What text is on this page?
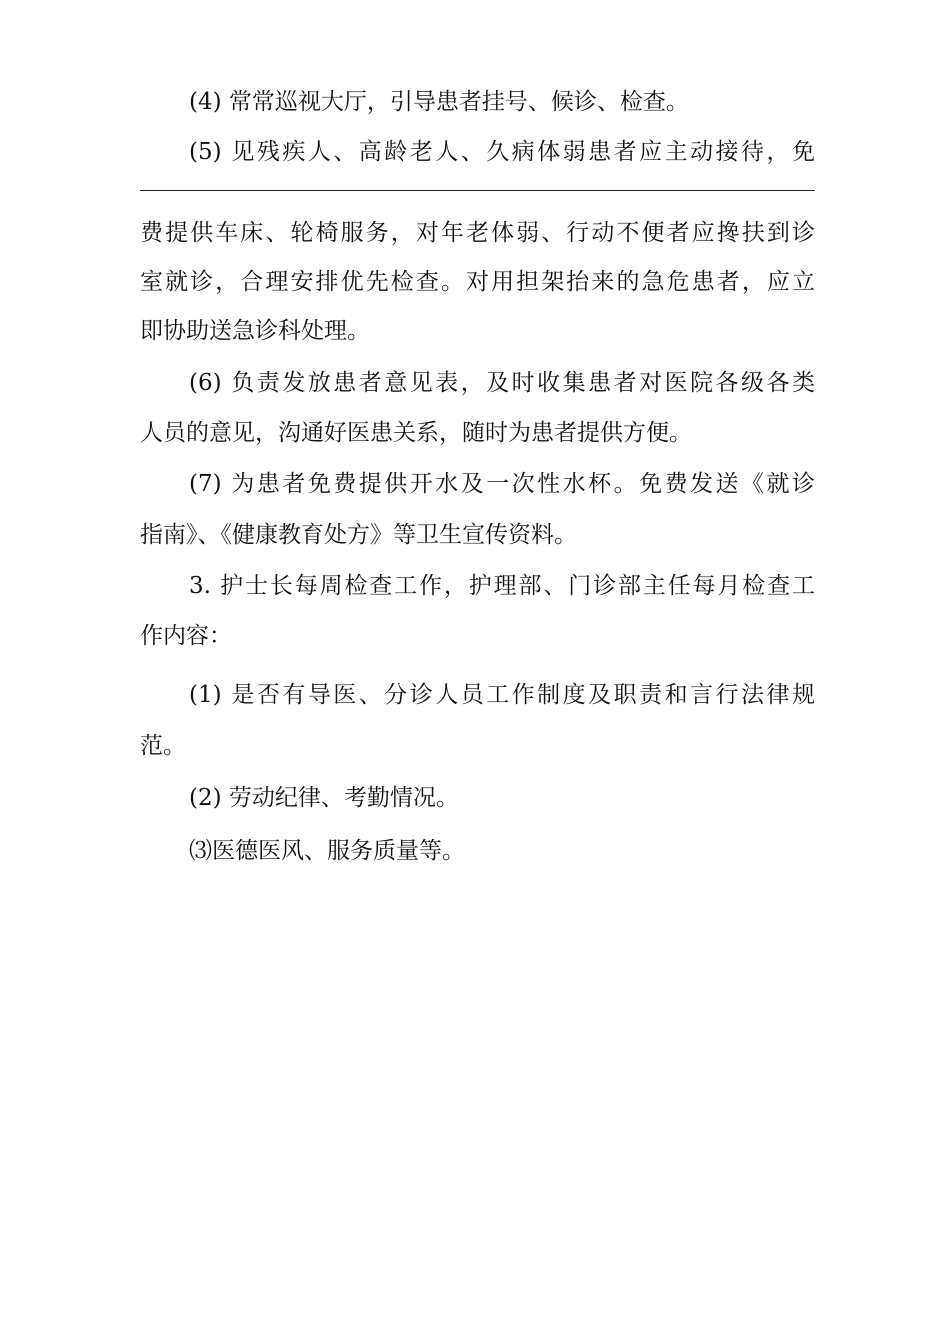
(4) 常常巡视大厅，引导患者挂号、候诊、检查。
(5) 见残疾人、高龄老人、久病体弱患者应主动接待，免
费提供车床、轮椅服务，对年老体弱、行动不便者应搀扶到诊
室就诊，合理安排优先检查。对用担架抬来的急危患者，应立
即协助送急诊科处理。
(6) 负责发放患者意见表，及时收集患者对医院各级各类
人员的意见，沟通好医患关系，随时为患者提供方便。
(7) 为患者免费提供开水及一次性水杯。免费发送《就诊
指南》、《健康教育处方》等卫生宣传资料。
3. 护士长每周检查工作，护理部、门诊部主任每月检查工
作内容：
(1) 是否有导医、分诊人员工作制度及职责和言行法律规
范。
(2) 劳动纪律、考勤情况。
⑶医德医风、服务质量等。
